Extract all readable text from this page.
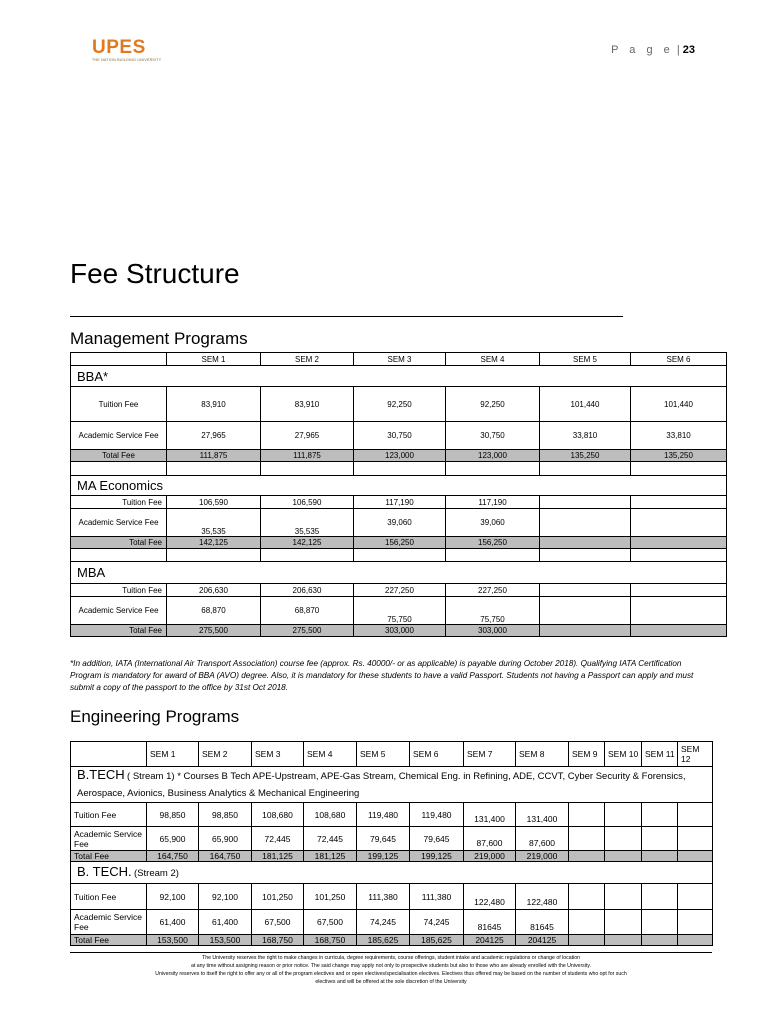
UPES
THE NATION BUILDING UNIVERSITY
P a g e | 23
Fee Structure
Management Programs
	SEM 1	SEM 2	SEM 3	SEM 4	SEM 5	SEM 6
BBA*						
Tuition Fee	83,910	83,910	92,250	92,250	101,440	101,440
Academic Service Fee	27,965	27,965	30,750	30,750	33,810	33,810
Total Fee	111,875	111,875	123,000	123,000	135,250	135,250

MA Economics						
Tuition Fee	106,590	106,590	117,190	117,190		
Academic Service Fee	35,535	35,535	39,060	39,060		
Total Fee	142,125	142,125	156,250	156,250		

MBA						
Tuition Fee	206,630	206,630	227,250	227,250		
Academic Service Fee	68,870	68,870	75,750	75,750		
Total Fee	275,500	275,500	303,000	303,000		
*In addition, IATA (International Air Transport Association) course fee (approx. Rs. 40000/- or as applicable) is payable during October 2018). Qualifying IATA Certification Program is mandatory for award of BBA (AVO) degree. Also, it is mandatory for these students to have a valid Passport. Students not having a Passport can apply and must submit a copy of the passport to the office by 31st Oct 2018.
Engineering Programs
	SEM 1	SEM 2	SEM 3	SEM 4	SEM 5	SEM 6	SEM 7	SEM 8	SEM 9	SEM 10	SEM 11	SEM 12
B.TECH ( Stream 1) * Courses B Tech APE-Upstream, APE-Gas Stream, Chemical Eng. in Refining, ADE, CCVT, Cyber Security & Forensics, Aerospace, Avionics, Business Analytics & Mechanical Engineering												
Tuition Fee	98,850	98,850	108,680	108,680	119,480	119,480	131,400	131,400				
Academic Service Fee	65,900	65,900	72,445	72,445	79,645	79,645	87,600	87,600				
Total Fee	164,750	164,750	181,125	181,125	199,125	199,125	219,000	219,000				
B. TECH. (Stream 2)												
Tuition Fee	92,100	92,100	101,250	101,250	111,380	111,380	122,480	122,480				
Academic Service Fee	61,400	61,400	67,500	67,500	74,245	74,245	81645	81645				
Total Fee	153,500	153,500	168,750	168,750	185,625	185,625	204125	204125				
The University reserves the right to make changes in curricula, degree requirements, course offerings, student intake and academic regulations or change of location
at any time without assigning reason or prior notice. The said change may apply not only to prospective students but also to those who are already enrolled with the University.
University reserves to itself the right to offer any or all of the program electives and or open electives/specialisation electives. Electives thus offered may be based on the number of students who opt for such
electives and will be offered at the sole discretion of the University
